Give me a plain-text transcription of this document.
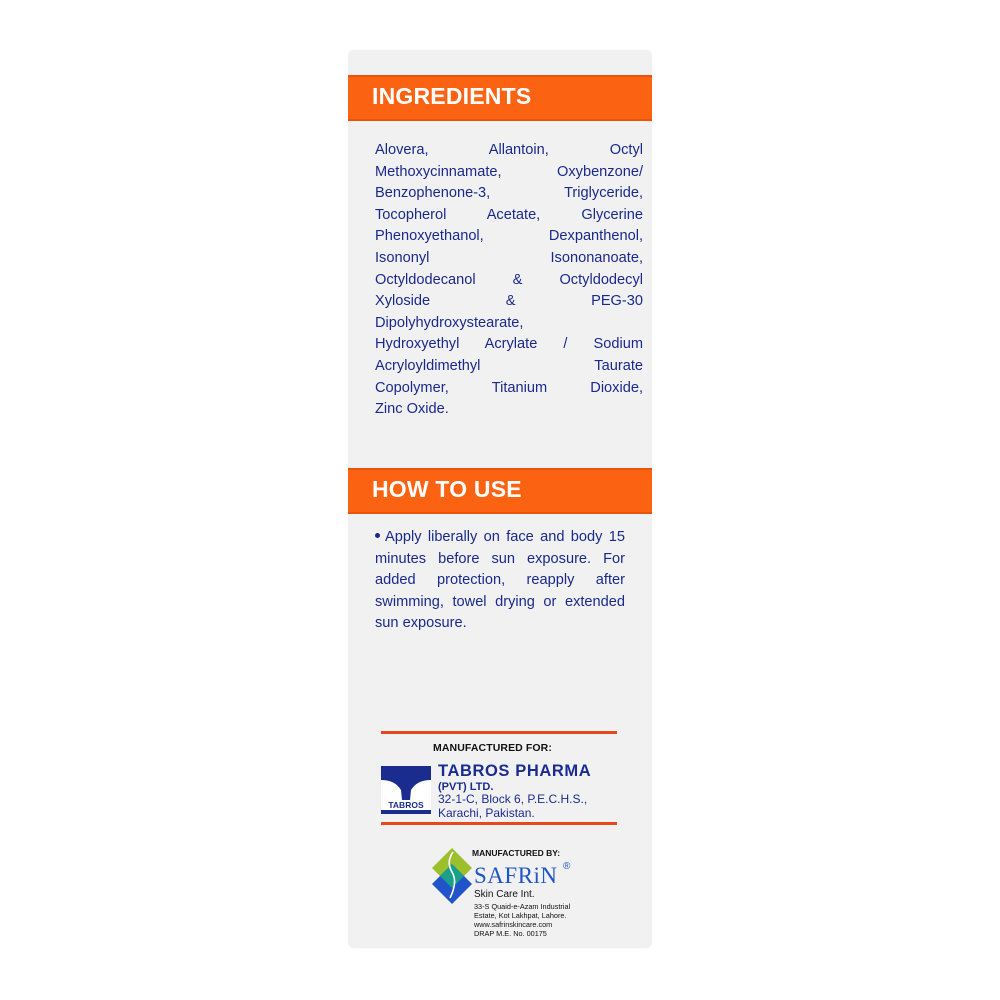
INGREDIENTS
Alovera, Allantoin, Octyl
Methoxycinnamate, Oxybenzone/
Benzophenone-3, Triglyceride,
Tocopherol Acetate, Glycerine
Phenoxyethanol, Dexpanthenol,
Isononyl Isononanoate,
Octyldodecanol & Octyldodecyl
Xyloside & PEG-30
Dipolyhydroxystearate,
Hydroxyethyl Acrylate / Sodium
Acryloyldimethyl Taurate
Copolymer, Titanium Dioxide,
Zinc Oxide.
HOW TO USE
Apply liberally on face and body 15
minutes before sun exposure. For
added protection, reapply after
swimming, towel drying or extended
sun exposure.
MANUFACTURED FOR:
TABROS
TABROS PHARMA
(PVT) LTD.
32-1-C, Block 6, P.E.C.H.S.,
Karachi, Pakistan.
MANUFACTURED BY:
SAFRiN ®
Skin Care Int.
33-S Quaid-e-Azam Industrial
Estate, Kot Lakhpat, Lahore.
www.safrinskincare.com
DRAP M.E. No. 00175
